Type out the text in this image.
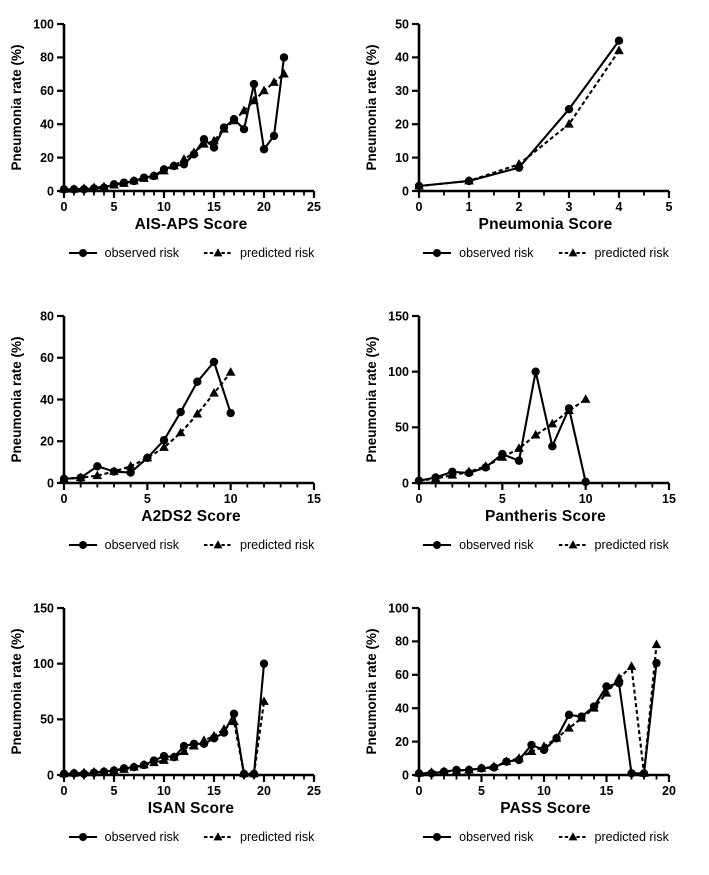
0	5	10	15	20	25
0
20
40
60
80
100
Pneumonia rate (%)
AIS-APS Score
observed risk	predicted risk
0	1	2	3	4	5
0
10
20
30
40
50
Pneumonia rate (%)
Pneumonia Score
observed risk	predicted risk
0	5	10	15
0
20
40
60
80
Pneumonia rate (%)
A2DS2 Score
observed risk	predicted risk
0	5	10	15
0
50
100
150
Pneumonia rate (%)
Pantheris Score
observed risk	predicted risk
0	5	10	15	20	25
0
50
100
150
Pneumonia rate (%)
ISAN Score
observed risk	predicted risk
0	5	10	15	20
0
20
40
60
80
100
Pneumonia rate (%)
PASS Score
observed risk	predicted risk
